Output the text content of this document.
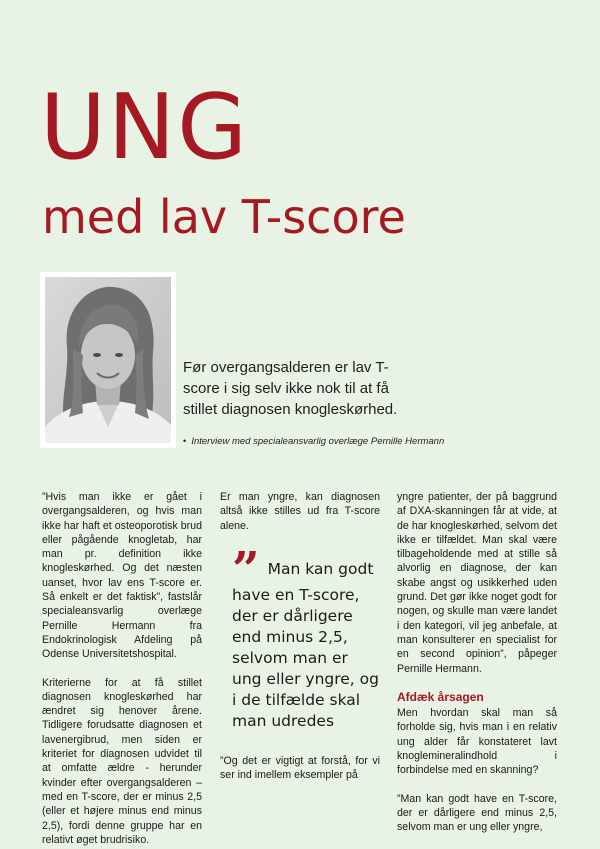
UNG
med lav T-score
Før overgangsalderen er lav T-score i sig selv ikke nok til at få stillet diagnosen knogleskørhed.
• Interview med specialeansvarlig overlæge Pernille Hermann

”Hvis man ikke er gået i overgangsalderen, og hvis man ikke har haft et osteoporotisk brud eller pågående knogletab, har man pr. definition ikke knogleskørhed. Og det næsten uanset, hvor lav ens T-score er. Så enkelt er det faktisk”, fastslår specialeansvarlig overlæge Pernille Hermann fra Endokrinologisk Afdeling på Odense Universitetshospital.

Kriterierne for at få stillet diagnosen knogleskørhed har ændret sig henover årene. Tidligere forudsatte diagnosen et lavenergibrud, men siden er kriteriet for diagnosen udvidet til at omfatte ældre - herunder kvinder efter overgangsalderen – med en T-score, der er minus 2,5 (eller et højere minus end minus 2,5), fordi denne gruppe har en relativt øget brudrisiko.

Er man yngre, kan diagnosen altså ikke stilles ud fra T-score alene.

” Man kan godt have en T-score, der er dårligere end minus 2,5, selvom man er ung eller yngre, og i de tilfælde skal man udredes

”Og det er vigtigt at forstå, for vi ser ind imellem eksempler på

yngre patienter, der på baggrund af DXA-skanningen får at vide, at de har knogleskørhed, selvom det ikke er tilfældet. Man skal være tilbageholdende med at stille så alvorlig en diagnose, der kan skabe angst og usikkerhed uden grund. Det gør ikke noget godt for nogen, og skulle man være landet i den kategori, vil jeg anbefale, at man konsulterer en specialist for en second opinion”, påpeger Pernille Hermann.

Afdæk årsagen

Men hvordan skal man så forholde sig, hvis man i en relativ ung alder får konstateret lavt knoglemineralindhold i forbindelse med en skanning?

”Man kan godt have en T-score, der er dårligere end minus 2,5, selvom man er ung eller yngre,
